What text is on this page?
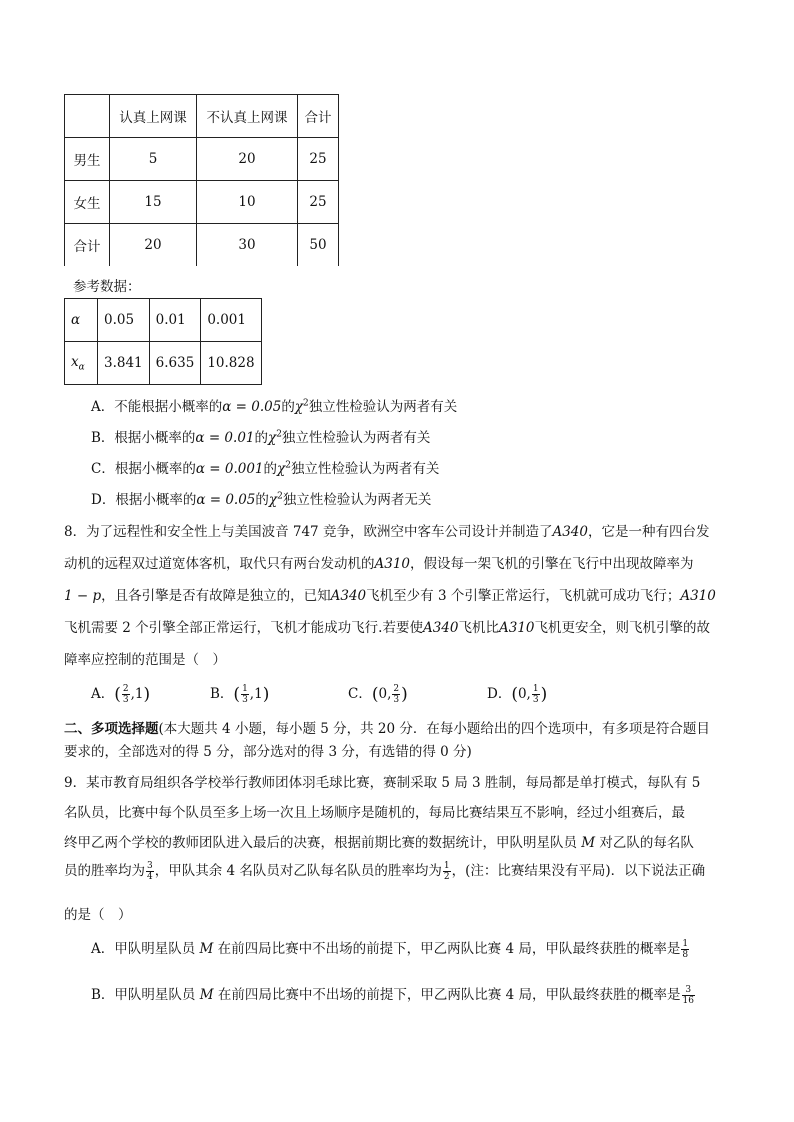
	认真上网课	不认真上网课	合计
男生	5	20	25
女生	15	10	25
合计	20	30	50
参考数据：
α	0.05	0.01	0.001
$x_\alpha$	3.841	6.635	10.828
A．不能根据小概率的α = 0.05的$\chi^2$独立性检验认为两者有关
B．根据小概率的α = 0.01的$\chi^2$独立性检验认为两者有关
C．根据小概率的α = 0.001的$\chi^2$独立性检验认为两者有关
D．根据小概率的α = 0.05的$\chi^2$独立性检验认为两者无关
8．为了远程性和安全性上与美国波音 747 竞争，欧洲空中客车公司设计并制造了A340，它是一种有四台发
动机的远程双过道宽体客机，取代只有两台发动机的A310，假设每一架飞机的引擎在飞行中出现故障率为
1 − p，且各引擎是否有故障是独立的，已知A340飞机至少有 3 个引擎正常运行，飞机就可成功飞行；A310
飞机需要 2 个引擎全部正常运行，飞机才能成功飞行.若要使A340飞机比A310飞机更安全，则飞机引擎的故
障率应控制的范围是（　）
A．( $\frac{2}{3} ,1$)	B．( $\frac{1}{3} ,1$)	C．(0, $\frac{2}{3}$ )	D．(0, $\frac{1}{3}$ )
二、多项选择题(本大题共 4 小题，每小题 5 分，共 20 分．在每小题给出的四个选项中，有多项是符合题目
要求的，全部选对的得 5 分，部分选对的得 3 分，有选错的得 0 分)
9．某市教育局组织各学校举行教师团体羽毛球比赛，赛制采取 5 局 3 胜制，每局都是单打模式，每队有 5
名队员，比赛中每个队员至多上场一次且上场顺序是随机的，每局比赛结果互不影响，经过小组赛后，最
终甲乙两个学校的教师团队进入最后的决赛，根据前期比赛的数据统计，甲队明星队员 M 对乙队的每名队
员的胜率均为 $\frac{3}{4}$ ，甲队其余 4 名队员对乙队每名队员的胜率均为 $\frac{1}{2}$ ，(注：比赛结果没有平局)．以下说法正确
的是（　）
A．甲队明星队员 M 在前四局比赛中不出场的前提下，甲乙两队比赛 4 局，甲队最终获胜的概率是 $\frac{1}{8}$
B．甲队明星队员 M 在前四局比赛中不出场的前提下，甲乙两队比赛 4 局，甲队最终获胜的概率是 $\frac{3}{16}$
